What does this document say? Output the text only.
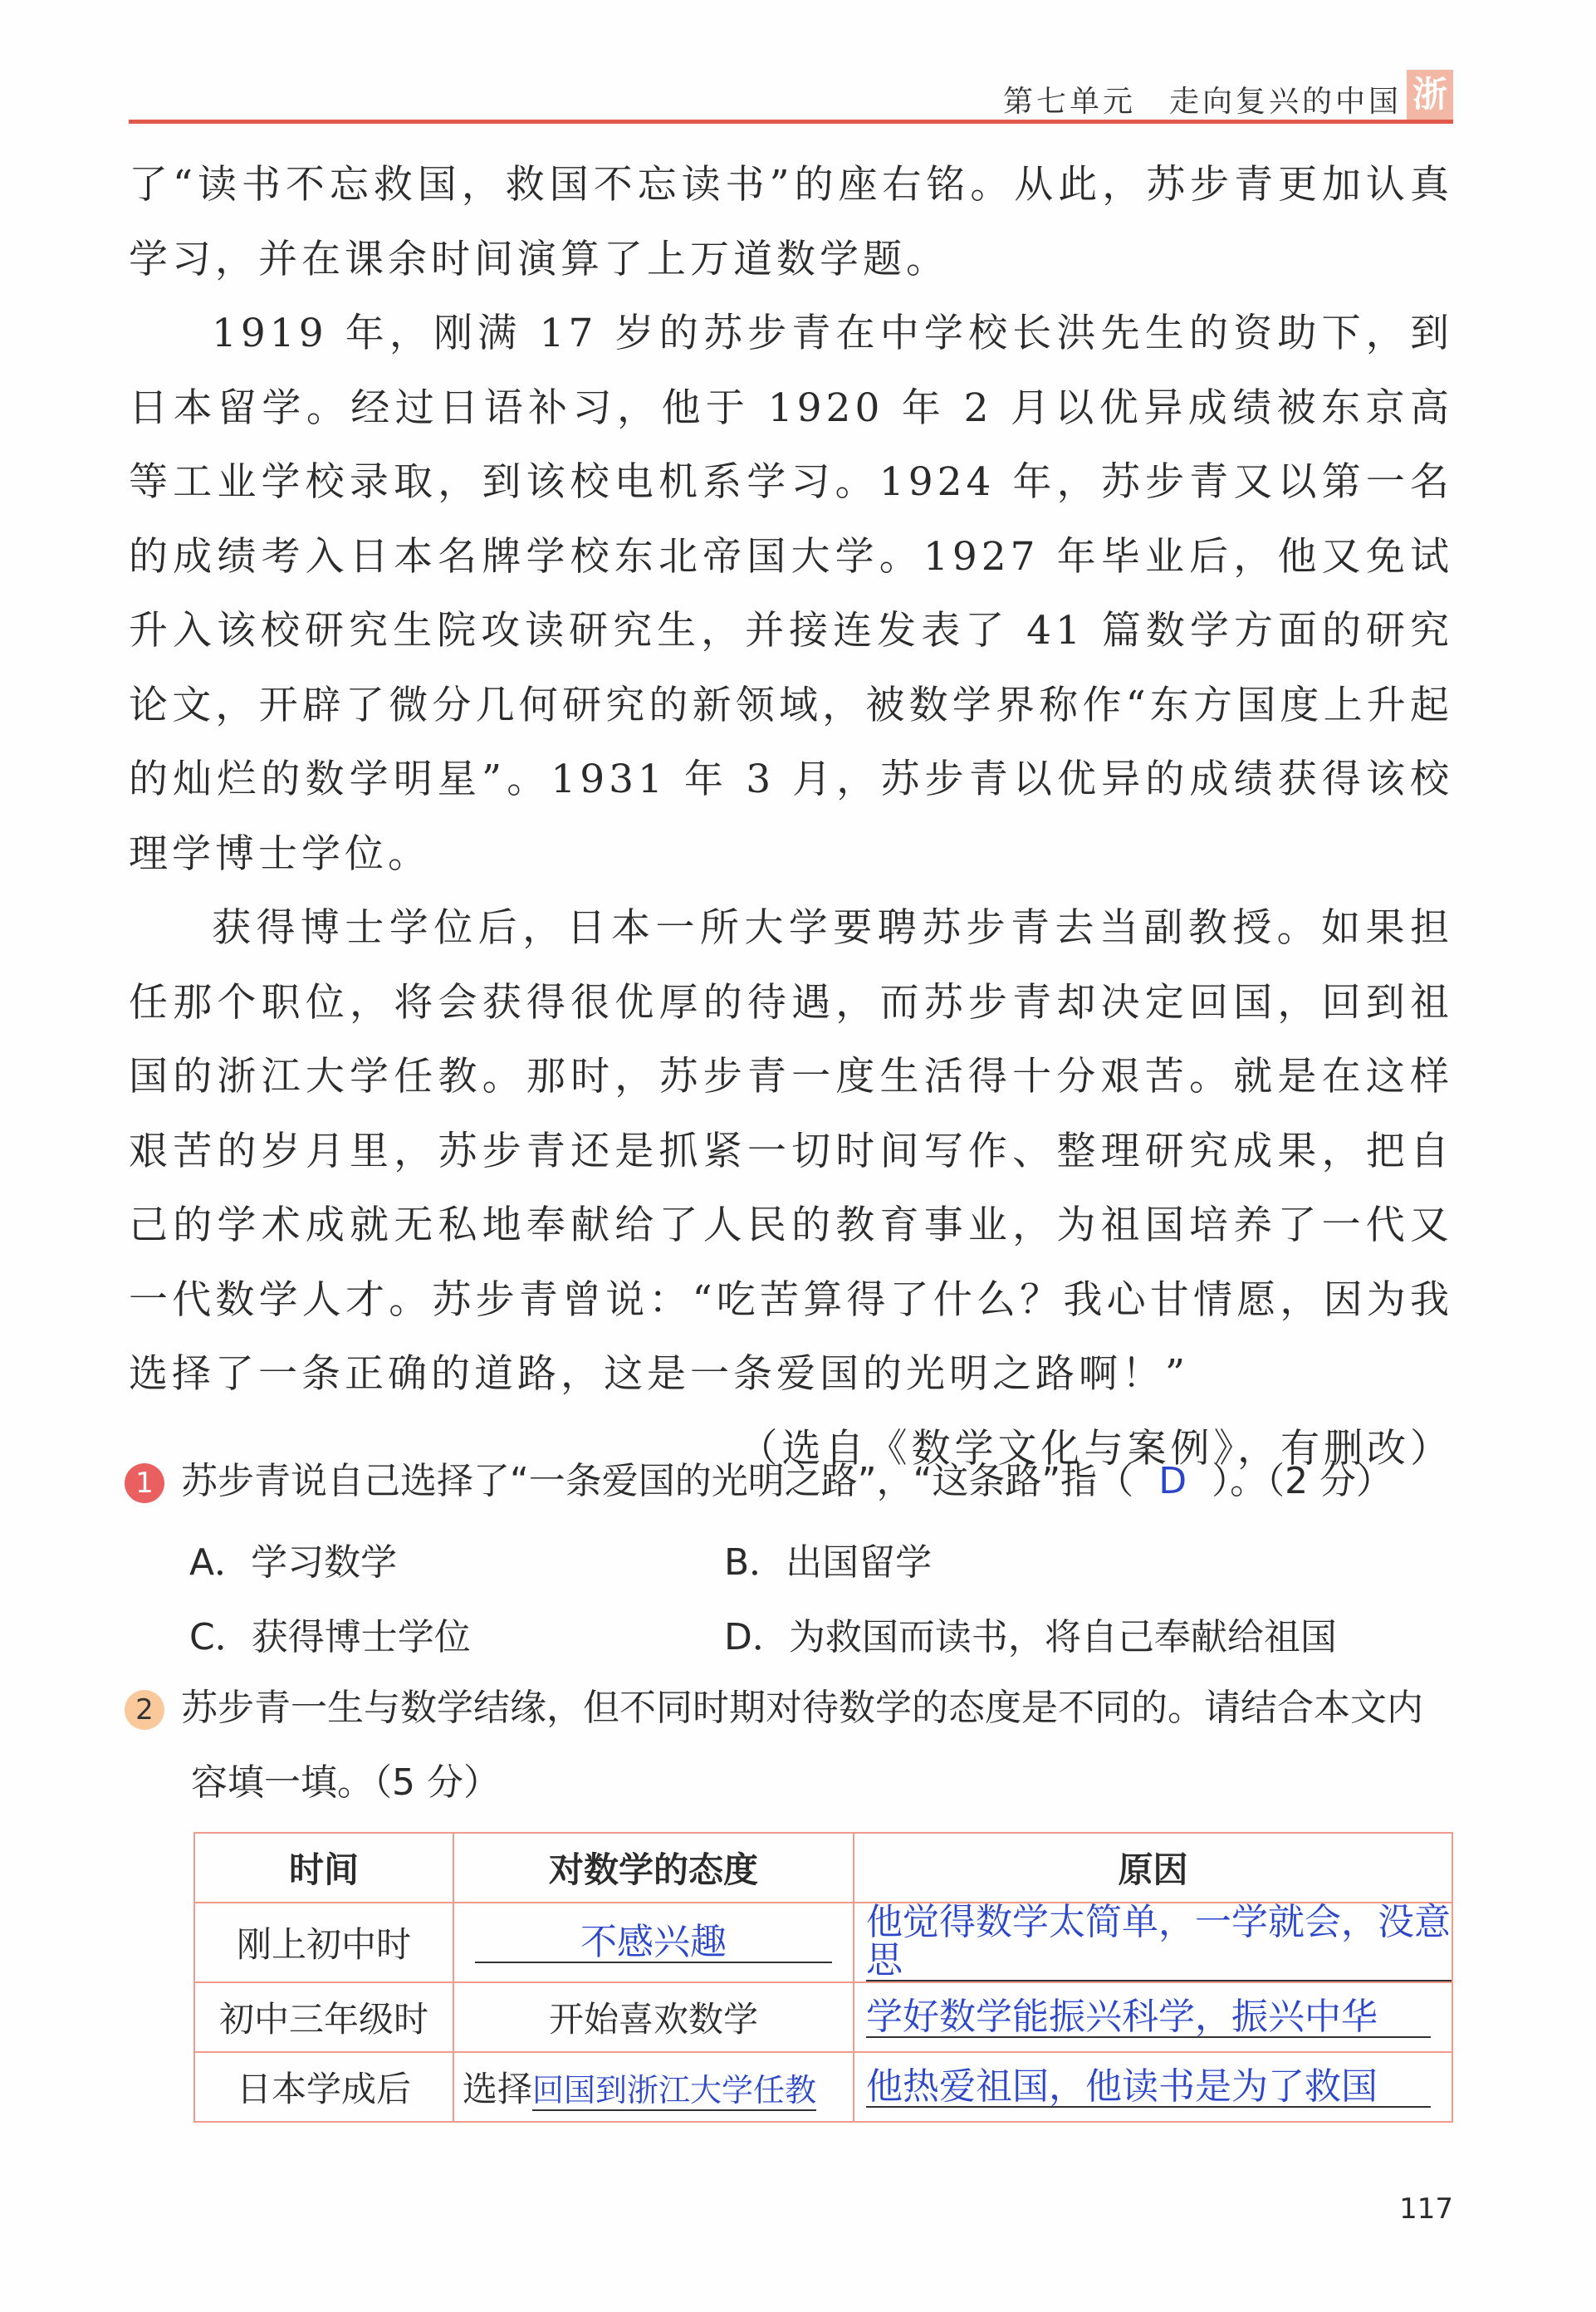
第七单元 走向复兴的中国 浙

了“读书不忘救国，救国不忘读书”的座右铭。从此，苏步青更加认真学习，并在课余时间演算了上万道数学题。

1919 年，刚满 17 岁的苏步青在中学校长洪先生的资助下，到日本留学。经过日语补习，他于 1920 年 2 月以优异成绩被东京高等工业学校录取，到该校电机系学习。1924 年，苏步青又以第一名的成绩考入日本名牌学校东北帝国大学。1927 年毕业后，他又免试升入该校研究生院攻读研究生，并接连发表了 41 篇数学方面的研究论文，开辟了微分几何研究的新领域，被数学界称作“东方国度上升起的灿烂的数学明星”。1931 年 3 月，苏步青以优异的成绩获得该校理学博士学位。

获得博士学位后，日本一所大学要聘苏步青去当副教授。如果担任那个职位，将会获得很优厚的待遇，而苏步青却决定回国，回到祖国的浙江大学任教。那时，苏步青一度生活得十分艰苦。就是在这样艰苦的岁月里，苏步青还是抓紧一切时间写作、整理研究成果，把自己的学术成就无私地奉献给了人民的教育事业，为祖国培养了一代又一代数学人才。苏步青曾说：“吃苦算得了什么？我心甘情愿，因为我选择了一条正确的道路，这是一条爱国的光明之路啊！”

（选自《数学文化与案例》，有删改）

1 苏步青说自己选择了“一条爱国的光明之路”，“这条路”指（ D ）。（2 分）
A．学习数学	B．出国留学
C．获得博士学位	D．为救国而读书，将自己奉献给祖国
2 苏步青一生与数学结缘，但不同时期对待数学的态度是不同的。请结合本文内容填一填。（5 分）
时间	对数学的态度	原因
刚上初中时	不感兴趣	他觉得数学太简单，一学就会，没意思
初中三年级时	开始喜欢数学	学好数学能振兴科学，振兴中华
日本学成后	选择回国到浙江大学任教	他热爱祖国，他读书是为了救国
117
